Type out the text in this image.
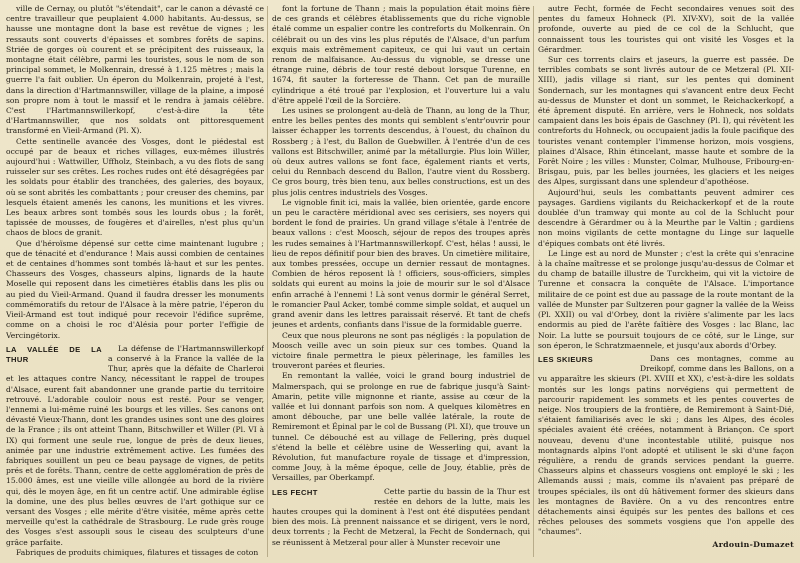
ville de Cernay, ou plutôt "s'étendait", car le canon a dévasté ce centre travailleur que peuplaient 4.000 habitants. Au-dessus, se hausse une montagne dont la base est revêtue de vignes ; les ressauts sont couverts d'épaisses et sombres forêts de sapins. Striée de gorges où courent et se précipitent des ruisseaux, la montagne était célèbre, parmi les touristes, sous le nom de son principal sommet, le Molkenrain, dressé à 1.125 mètres ; mais la guerre l'a fait oublier. Un éperon du Molkenrain, projeté à l'est, dans la direction d'Hartmannswiller, village de la plaine, a imposé son propre nom à tout le massif et le rendra à jamais célèbre. C'est l'Hartmannswillerkopf, c'est-à-dire la tête d'Hartmannswiller, que nos soldats ont pittoresquement transformé en Vieil-Armand (Pl. X).

Cette sentinelle avancée des Vosges, dont le piédestal est occupé par de beaux et riches villages, eux-mêmes illustrés aujourd'hui : Wattwiller, Uffholz, Steinbach, a vu des flots de sang ruisseler sur ses crêtes. Les roches rudes ont été désagrégées par les soldats pour établir des tranchées, des galeries, des boyaux, où se sont abrités les combattants ; pour creuser des chemins, par lesquels étaient amenés les canons, les munitions et les vivres. Les beaux arbres sont tombés sous les lourds obus ; la forêt, tapissée de mousses, de fougères et d'airelles, n'est plus qu'un chaos de blocs de granit.

Que d'héroïsme dépensé sur cette cime maintenant lugubre ; que de ténacité et d'endurance ! Mais aussi combien de centaines et de centaines d'hommes sont tombés là-haut et sur les pentes. Chasseurs des Vosges, chasseurs alpins, lignards de la haute Moselle qui reposent dans les cimetières établis dans les plis ou au pied du Vieil-Armand. Quand il faudra dresser les monuments commémoratifs du retour de l'Alsace à la mère patrie, l'éperon du Vieil-Armand est tout indiqué pour recevoir l'édifice suprême, comme on a choisi le roc d'Alésia pour porter l'effigie de Vercingétorix.

LA VALLÉE DE LA THUR

La défense de l'Hartmannswillerkopf a conservé à la France la vallée de la Thur, après que la défaite de Charleroi et les attaques contre Nancy, nécessitant le rappel de troupes d'Alsace, eurent fait abandonner une grande partie du territoire retrouvé. L'adorable couloir nous est resté. Pour se venger, l'ennemi a lui-même ruiné les bourgs et les villes. Ses canons ont dévasté Vieux-Thann, dont les grandes usines sont une des gloires de la France ; ils ont atteint Thann, Bitschwiller et Willer (Pl. VI à IX) qui forment une seule rue, longue de près de deux lieues, animée par une industrie extrêmement active. Les fumées des fabriques souillent un peu ce beau paysage de vignes, de petits prés et de forêts. Thann, centre de cette agglomération de près de 15.000 âmes, est une vieille ville allongée au bord de la rivière qui, dès le moyen âge, en fit un centre actif. Une admirable église la domine, une des plus belles œuvres de l'art gothique sur ce versant des Vosges ; elle mérite d'être visitée, même après cette merveille qu'est la cathédrale de Strasbourg. Le rude grès rouge des Vosges s'est assoupli sous le ciseau des sculpteurs d'une grâce parfaite.

Fabriques de produits chimiques, filatures et tissages de coton

font la fortune de Thann ; mais la population était moins fière de ces grands et célèbres établissements que du riche vignoble étalé comme un espalier contre les contreforts du Molkenrain. On célébrait ou un des vins les plus réputés de l'Alsace, d'un parfum exquis mais extrêmement capiteux, ce qui lui vaut un certain renom de malfaisance. Au-dessus du vignoble, se dresse une étrange ruine, débris de tour resté debout lorsque Turenne, en 1674, fit sauter la forteresse de Thann. Cet pan de muraille cylindrique a été troué par l'explosion, et l'ouverture lui a valu d'être appelé l'œil de la Sorcière.

Les usines se prolongent au-delà de Thann, au long de la Thur, entre les belles pentes des monts qui semblent s'entr'ouvrir pour laisser échapper les torrents descendus, à l'ouest, du chaînon du Rossberg ; à l'est, du Ballon de Guebwiller. À l'entrée d'un de ces vallons est Bitschwiller, animé par la métallurgie. Plus loin Willer, où deux autres vallons se font face, également riants et verts, celui du Rennbach descend du Ballon, l'autre vient du Rossberg. Ce gros bourg, très bien tenu, aux belles constructions, est un des plus jolis centres industriels des Vosges.

Le vignoble finit ici, mais la vallée, bien orientée, garde encore un peu le caractère méridional avec ses cerisiers, ses noyers qui bordent le fond de prairies. Un grand village s'étale à l'entrée de beaux vallons : c'est Moosch, séjour de repos des troupes après les rudes semaines à l'Hartmannswillerkopf. C'est, hélas ! aussi, le lieu de repos définitif pour bien des braves. Un cimetière militaire, aux tombes pressées, occupe un dernier ressaut de montagnes. Combien de héros reposent là ! officiers, sous-officiers, simples soldats qui eurent au moins la joie de mourir sur le sol d'Alsace enfin arraché à l'ennemi ! Là sont venus dormir le général Serret, le romancier Paul Acker, tombé comme simple soldat, et auquel un grand avenir dans les lettres paraissait réservé. Et tant de chefs jeunes et ardents, confiants dans l'issue de la formidable guerre.

Ceux que nous pleurons ne sont pas négligés : la population de Moosch veille avec un soin pieux sur ces tombes. Quand la victoire finale permettra le pieux pèlerinage, les familles les trouveront parées et fleuries.

En remontant la vallée, voici le grand bourg industriel de Malmerspach, qui se prolonge en rue de fabrique jusqu'à Saint-Amarin, petite ville mignonne et riante, assise au cœur de la vallée et lui donnant parfois son nom. A quelques kilomètres en amont débouche, par une belle vallée latérale, la route de Remiremont et Épinal par le col de Bussang (Pl. XI), que trouve un tunnel. Ce débouché est au village de Fellering, près duquel s'étend la belle et célèbre usine de Wesserling qui, avant la Révolution, fut manufacture royale de tissage et d'impression, comme Jouy, à la même époque, celle de Jouy, établie, près de Versailles, par Oberkampf.

LES FECHT	Cette partie du bassin de la Thur est restée en dehors de la lutte, mais les hautes croupes qui la dominent à l'est ont été disputées pendant bien des mois. Là prennent naissance et se dirigent, vers le nord, deux torrents ; la Fecht de Metzeral, la Fecht de Sondernach, qui se réunissent à Metzeral pour aller à Munster recevoir une

autre Fecht, formée de Fecht secondaires venues soit des pentes du fameux Hohneck (Pl. XIV-XV), soit de la vallée profonde, ouverte au pied de ce col de la Schlucht, que connaissent tous les touristes qui ont visité les Vosges et la Gérardmer.

Sur ces torrents clairs et jaseurs, la guerre est passée. De terribles combats se sont livrés autour de ce Metzeral (Pl. XII-XIII), jadis village si riant, sur les pentes qui dominent Sondernach, sur les montagnes qui s'avancent entre deux Fecht au-dessus de Munster et dont un sommet, le Reichackerkopf, a été âprement disputé. En arrière, vers le Hohneck, nos soldats campaient dans les bois épais de Gaschney (Pl. I), qui révètent les contreforts du Hohneck, ou occupaient jadis la foule pacifique des touristes venant contempler l'immense horizon, mois vosgiens, plaines d'Alsace, Rhin étincelant, masse haute et sombre de la Forêt Noire ; les villes : Munster, Colmar, Mulhouse, Fribourg-en-Brisgau, puis, par les belles journées, les glaciers et les neiges des Alpes, surgissant dans une splendeur d'apothéose.

Aujourd'hui, seuls les combattants peuvent admirer ces paysages. Gardiens vigilants du Reichackerkopf et de la route doublée d'un tramway qui monte au col de la Schlucht pour descendre à Gérardmer ou à la Meurthe par le Valtin ; gardiens non moins vigilants de cette montagne du Linge sur laquelle d'épiques combats ont été livrés.

Le Linge est au nord de Munster ; c'est la crête qui s'enracine à la chaîne maîtresse et se prolonge jusqu'au-dessus de Colmar et du champ de bataille illustre de Turckheim, qui vit la victoire de Turenne et consacra la conquête de l'Alsace. L'importance militaire de ce point est due au passage de la route montant de la vallée de Munster par Sultzeren pour gagner la vallée de la Weiss (Pl. XXII) ou val d'Orbey, dont la rivière s'alimente par les lacs endormis au pied de l'arête faîtière des Vosges : lac Blanc, lac Noir. La lutte se poursuit toujours de ce côté, sur le Linge, sur son éperon, le Schratzmaennele, et jusqu'aux abords d'Orbey.

LES SKIEURS	Dans ces montagnes, comme au Dreikopf, comme dans les Ballons, on a vu apparaître les skieurs (Pl. XVIII et XX), c'est-à-dire les soldats montés sur les longs patins norvégiens qui permettent de parcourir rapidement les sommets et les pentes couvertes de neige. Nos troupiers de la frontière, de Remiremont à Saint-Dié, s'étaient familiarisés avec le ski ; dans les Alpes, des écoles spéciales avaient été créées, notamment à Briançon. Ce sport nouveau, devenu d'une incontestable utilité, puisque nos montagnards alpins l'ont adopté et utilisent le ski d'une façon régulière, a rendu de grands services pendant la guerre. Chasseurs alpins et chasseurs vosgiens ont employé le ski ; les Allemands aussi ; mais, comme ils n'avaient pas préparé de troupes spéciales, ils ont dû hâtivement former des skieurs dans les montagnes de Bavière. On a vu des rencontres entre détachements ainsi équipés sur les pentes des ballons et ces rêches pelouses des sommets vosgiens que l'on appelle des "chaumes".

Ardouin-Dumazet
